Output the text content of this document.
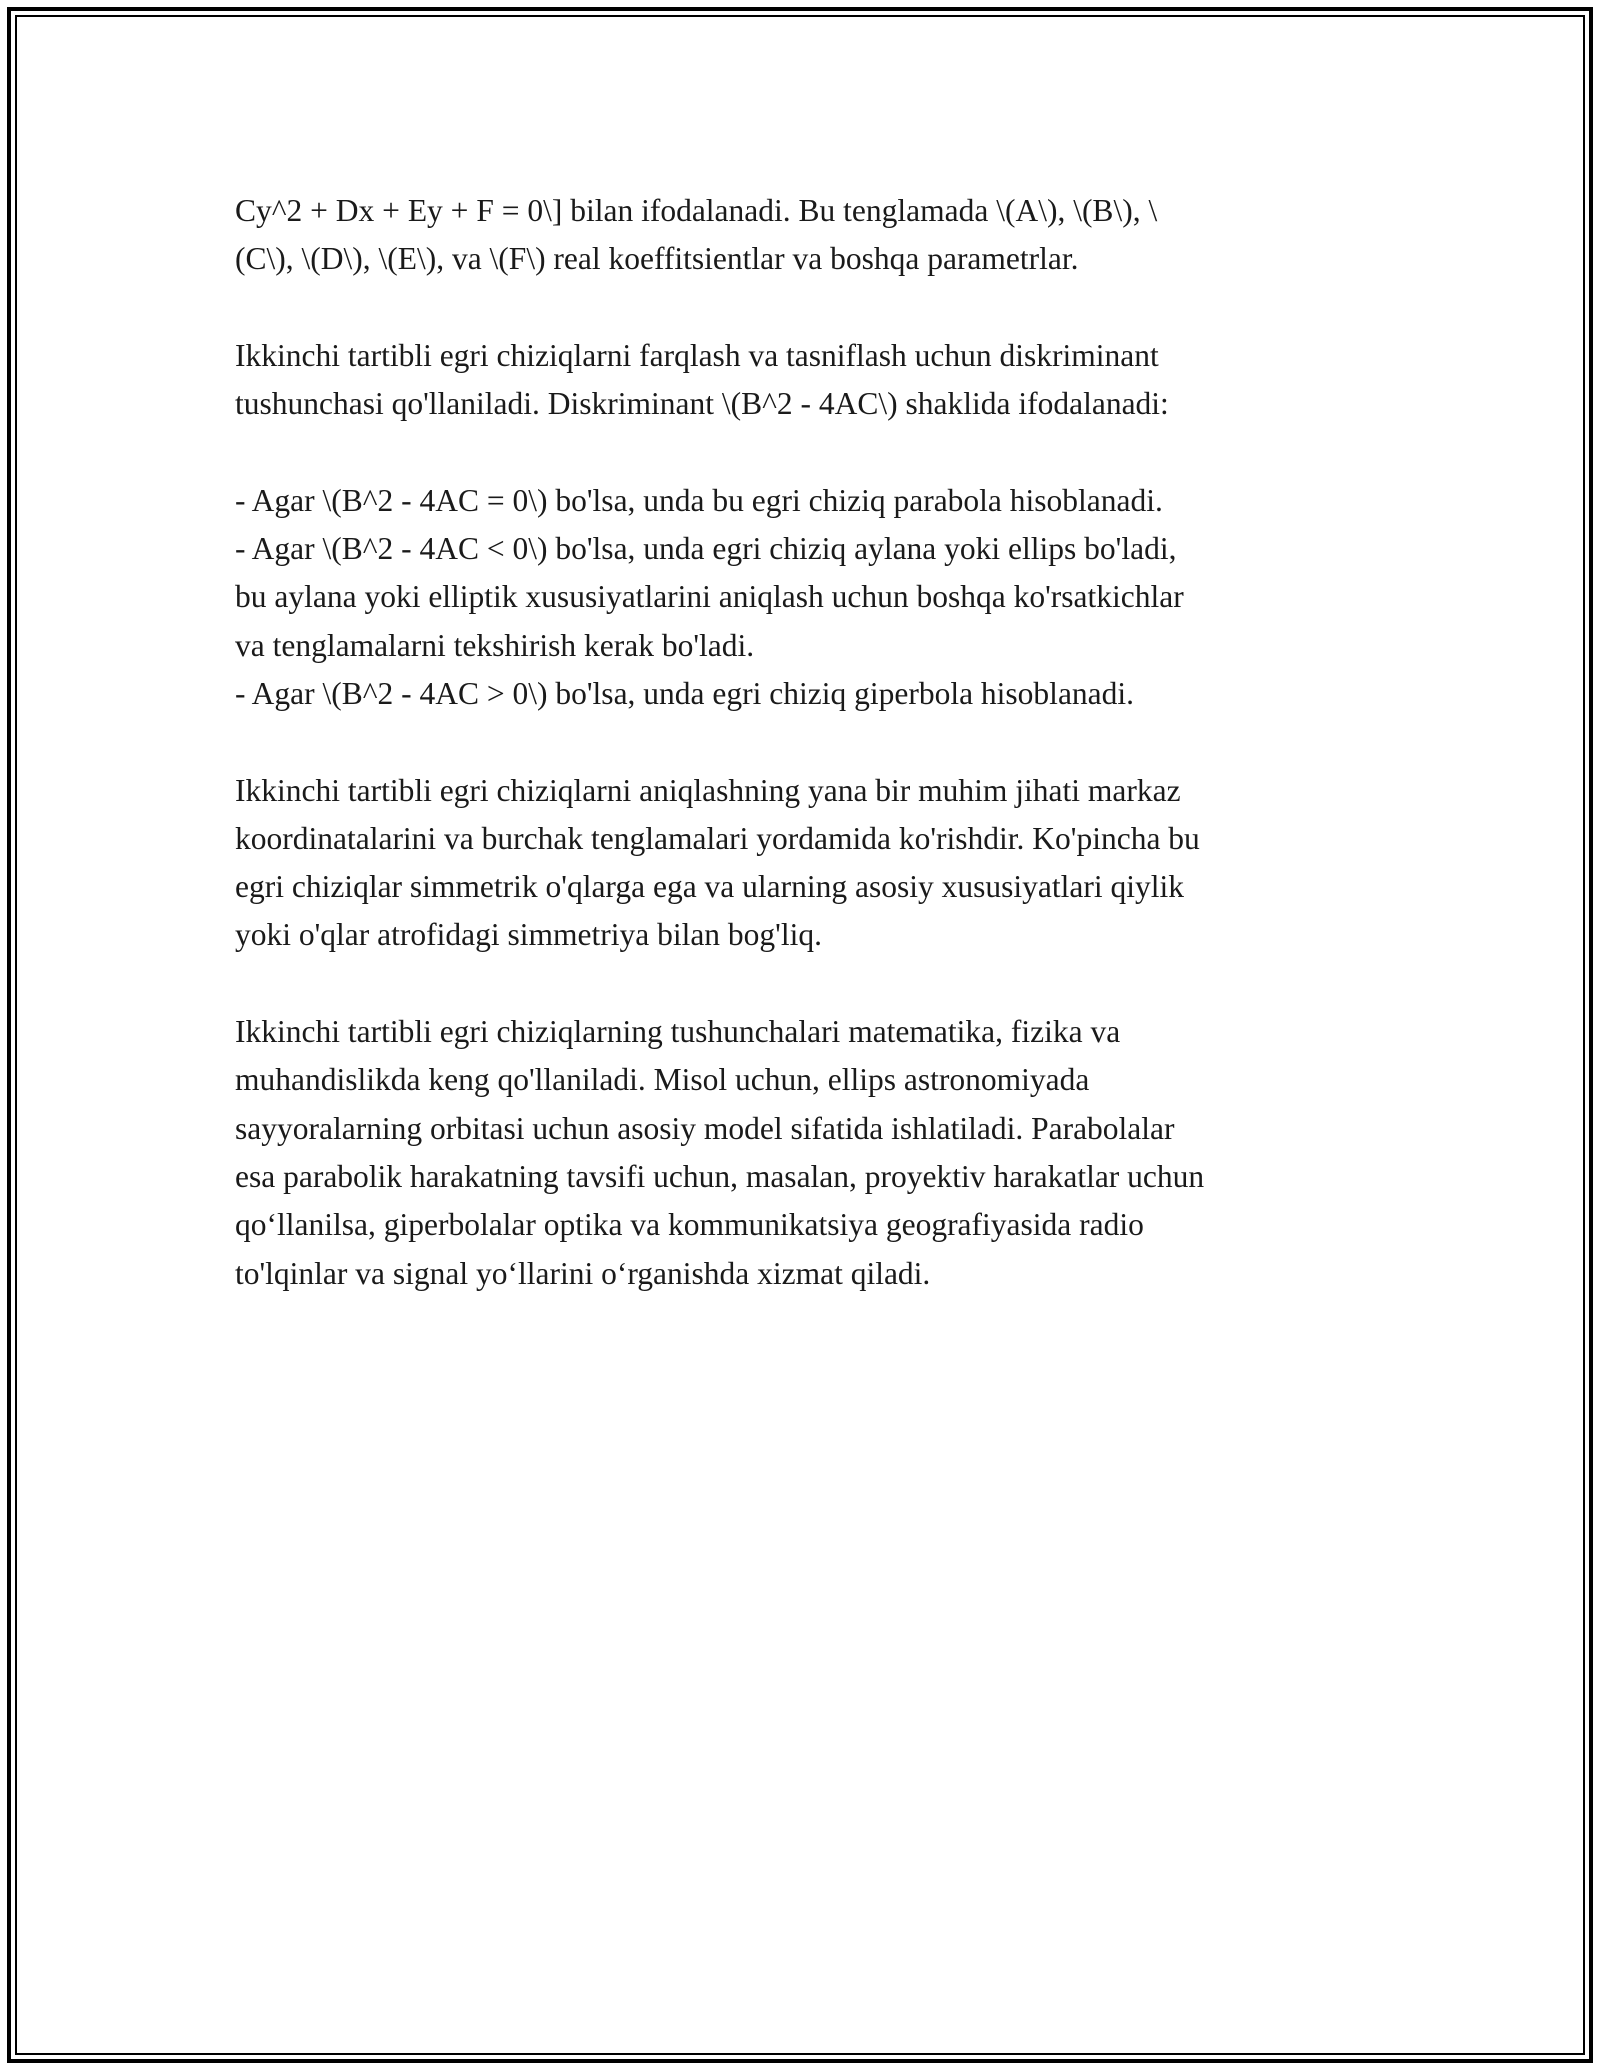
Cy^2 + Dx + Ey + F = 0\] bilan ifodalanadi. Bu tenglamada \(A\), \(B\), \
(C\), \(D\), \(E\), va \(F\) real koeffitsientlar va boshqa parametrlar.

Ikkinchi tartibli egri chiziqlarni farqlash va tasniflash uchun diskriminant
tushunchasi qo'llaniladi. Diskriminant \(B^2 - 4AC\) shaklida ifodalanadi:

- Agar \(B^2 - 4AC = 0\) bo'lsa, unda bu egri chiziq parabola hisoblanadi.
- Agar \(B^2 - 4AC < 0\) bo'lsa, unda egri chiziq aylana yoki ellips bo'ladi,
bu aylana yoki elliptik xususiyatlarini aniqlash uchun boshqa ko'rsatkichlar
va tenglamalarni tekshirish kerak bo'ladi.
- Agar \(B^2 - 4AC > 0\) bo'lsa, unda egri chiziq giperbola hisoblanadi.

Ikkinchi tartibli egri chiziqlarni aniqlashning yana bir muhim jihati markaz
koordinatalarini va burchak tenglamalari yordamida ko'rishdir. Ko'pincha bu
egri chiziqlar simmetrik o'qlarga ega va ularning asosiy xususiyatlari qiylik
yoki o'qlar atrofidagi simmetriya bilan bog'liq.

Ikkinchi tartibli egri chiziqlarning tushunchalari matematika, fizika va
muhandislikda keng qo'llaniladi. Misol uchun, ellips astronomiyada
sayyoralarning orbitasi uchun asosiy model sifatida ishlatiladi. Parabolalar
esa parabolik harakatning tavsifi uchun, masalan, proyektiv harakatlar uchun
qo‘llanilsa, giperbolalar optika va kommunikatsiya geografiyasida radio
to'lqinlar va signal yo‘llarini o‘rganishda xizmat qiladi.
